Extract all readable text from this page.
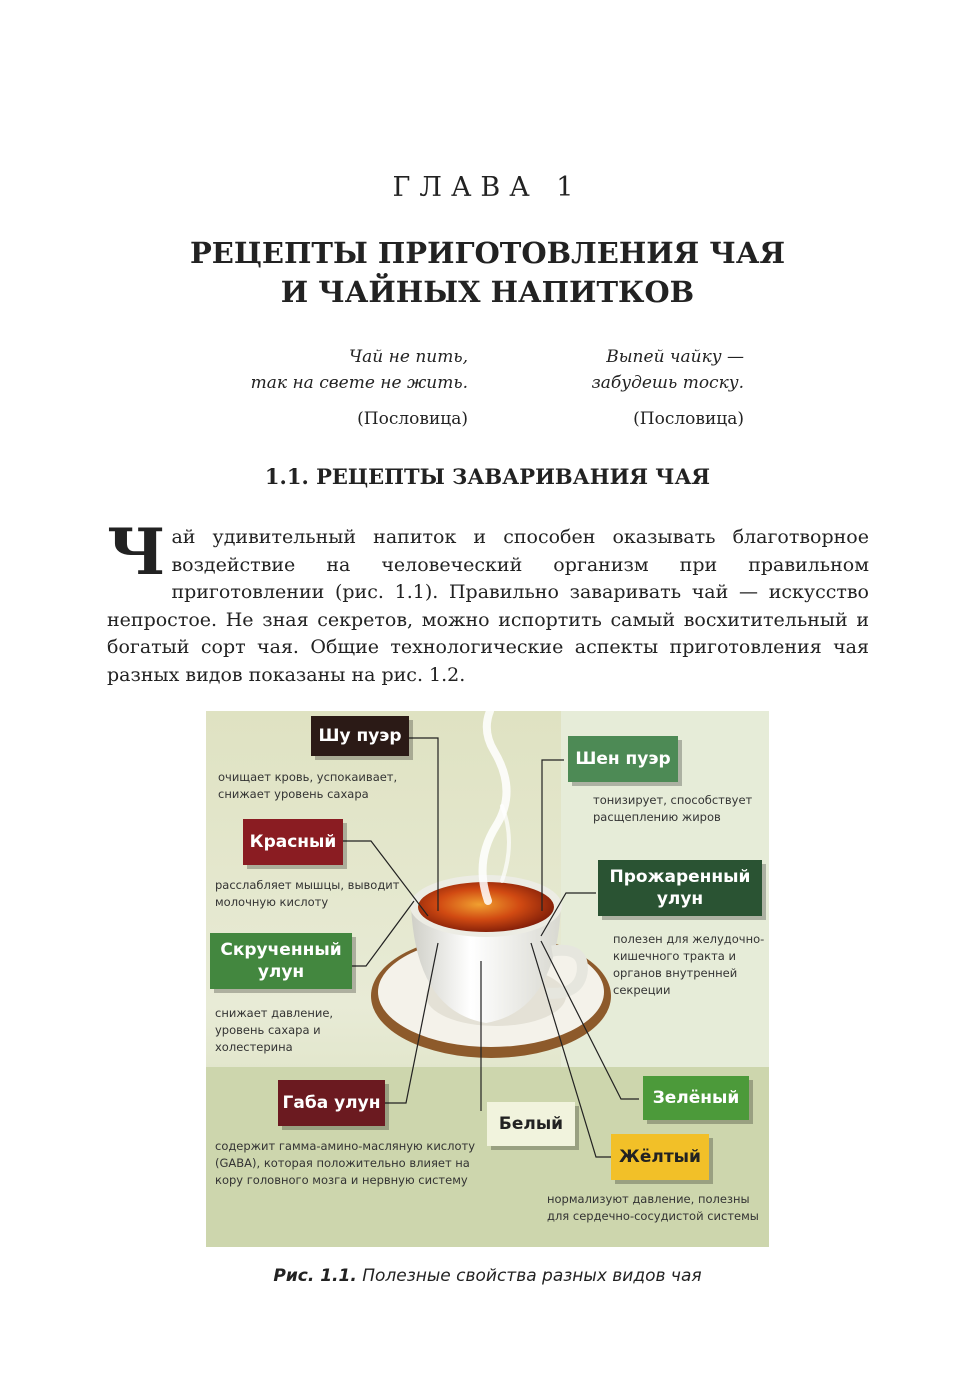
ГЛАВА 1
РЕЦЕПТЫ ПРИГОТОВЛЕНИЯ ЧАЯ
И ЧАЙНЫХ НАПИТКОВ
Чай не пить,
так на свете не жить.
(Пословица)
Выпей чайку —
забудешь тоску.
(Пословица)
1.1. РЕЦЕПТЫ ЗАВАРИВАНИЯ ЧАЯ
Чай удивительный напиток и способен оказывать благотворное воздействие на человеческий организм при правильном приготовлении (рис. 1.1). Правильно заваривать чай — искусство непростое. Не зная секретов, можно испортить самый восхитительный и богатый сорт чая. Общие технологические аспекты приготовления чая разных видов показаны на рис. 1.2.
Шу пуэр
очищает кровь, успокаивает, снижает уровень сахара
Шен пуэр
тонизирует, способствует расщеплению жиров
Красный
расслабляет мышцы, выводит молочную кислоту
Прожаренный улун
полезен для желудочно-кишечного тракта и органов внутренней секреции
Скрученный улун
снижает давление, уровень сахара и холестерина
Габа улун
содержит гамма-амино-масляную кислоту (GABA), которая положительно влияет на кору головного мозга и нервную систему
Белый
Зелёный
Жёлтый
нормализуют давление, полезны для сердечно-сосудистой системы
Рис. 1.1. Полезные свойства разных видов чая
